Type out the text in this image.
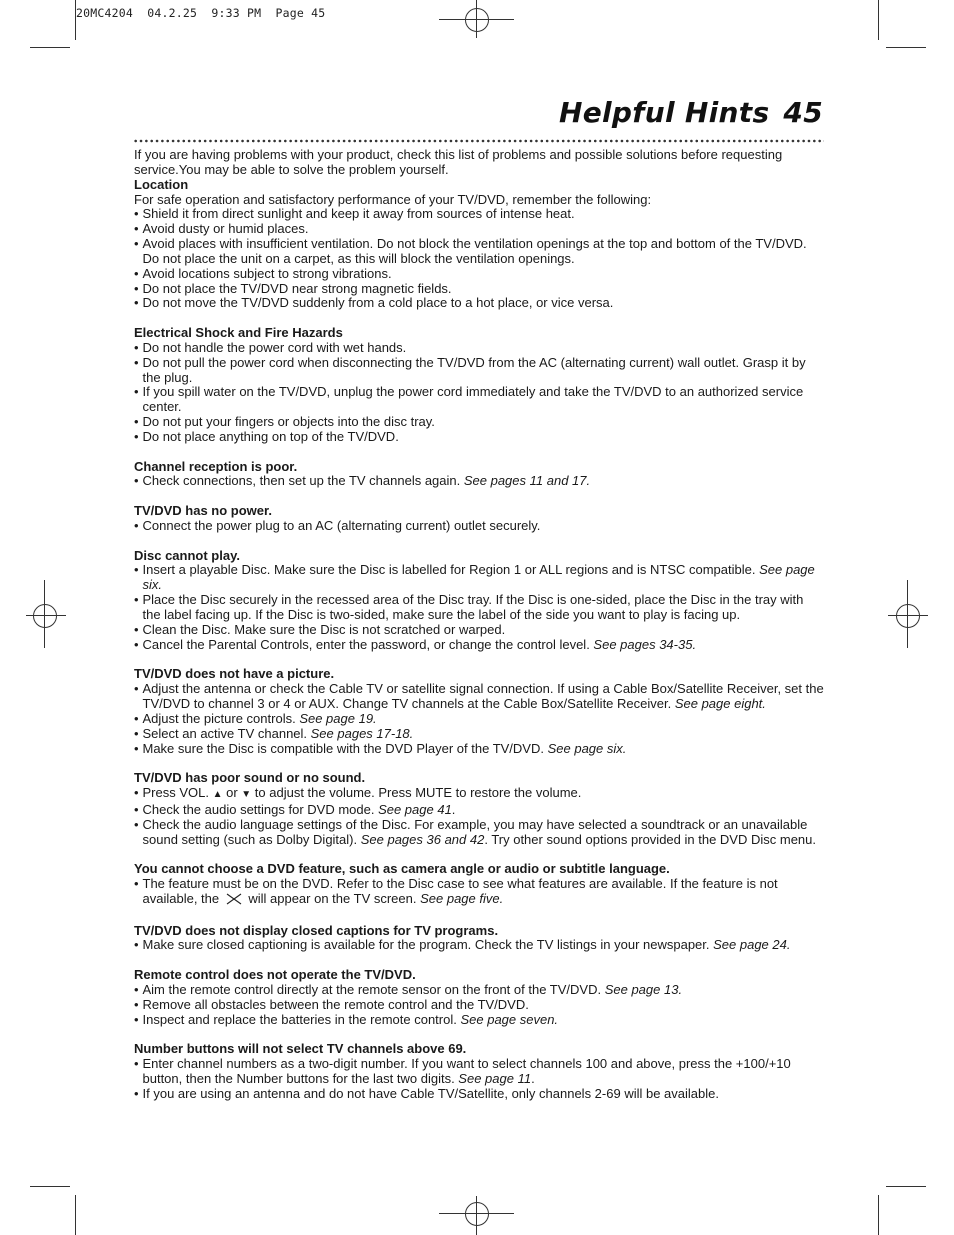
20MC4204  04.2.25  9:33 PM  Page 45
Helpful Hints 45

If you are having problems with your product, check this list of problems and possible solutions before requesting service.You may be able to solve the problem yourself.

Location

For safe operation and satisfactory performance of your TV/DVD, remember the following:

• Shield it from direct sunlight and keep it away from sources of intense heat.
• Avoid dusty or humid places.
• Avoid places with insufficient ventilation. Do not block the ventilation openings at the top and bottom of the TV/DVD. Do not place the unit on a carpet, as this will block the ventilation openings.
• Avoid locations subject to strong vibrations.
• Do not place the TV/DVD near strong magnetic fields.
• Do not move the TV/DVD suddenly from a cold place to a hot place, or vice versa.
Electrical Shock and Fire Hazards
• Do not handle the power cord with wet hands.
• Do not pull the power cord when disconnecting the TV/DVD from the AC (alternating current) wall outlet. Grasp it by the plug.
• If you spill water on the TV/DVD, unplug the power cord immediately and take the TV/DVD to an authorized service center.
• Do not put your fingers or objects into the disc tray.
• Do not place anything on top of the TV/DVD.
Channel reception is poor.
• Check connections, then set up the TV channels again. See pages 11 and 17.
TV/DVD has no power.
• Connect the power plug to an AC (alternating current) outlet securely.
Disc cannot play.
• Insert a playable Disc. Make sure the Disc is labelled for Region 1 or ALL regions and is NTSC compatible. See page six.
• Place the Disc securely in the recessed area of the Disc tray. If the Disc is one-sided, place the Disc in the tray with the label facing up. If the Disc is two-sided, make sure the label of the side you want to play is facing up.
• Clean the Disc. Make sure the Disc is not scratched or warped.
• Cancel the Parental Controls, enter the password, or change the control level. See pages 34-35.
TV/DVD does not have a picture.
• Adjust the antenna or check the Cable TV or satellite signal connection. If using a Cable Box/Satellite Receiver, set the TV/DVD to channel 3 or 4 or AUX. Change TV channels at the Cable Box/Satellite Receiver. See page eight.
• Adjust the picture controls. See page 19.
• Select an active TV channel. See pages 17-18.
• Make sure the Disc is compatible with the DVD Player of the TV/DVD. See page six.
TV/DVD has poor sound or no sound.
• Press VOL. ▲ or ▼ to adjust the volume. Press MUTE to restore the volume.
• Check the audio settings for DVD mode. See page 41.
• Check the audio language settings of the Disc. For example, you may have selected a soundtrack or an unavailable sound setting (such as Dolby Digital). See pages 36 and 42. Try other sound options provided in the DVD Disc menu.
You cannot choose a DVD feature, such as camera angle or audio or subtitle language.
• The feature must be on the DVD. Refer to the Disc case to see what features are available. If the feature is not available, the  will appear on the TV screen. See page five.
TV/DVD does not display closed captions for TV programs.
• Make sure closed captioning is available for the program. Check the TV listings in your newspaper. See page 24.
Remote control does not operate the TV/DVD.
• Aim the remote control directly at the remote sensor on the front of the TV/DVD. See page 13.
• Remove all obstacles between the remote control and the TV/DVD.
• Inspect and replace the batteries in the remote control. See page seven.
Number buttons will not select TV channels above 69.
• Enter channel numbers as a two-digit number. If you want to select channels 100 and above, press the +100/+10 button, then the Number buttons for the last two digits. See page 11.
• If you are using an antenna and do not have Cable TV/Satellite, only channels 2-69 will be available.
